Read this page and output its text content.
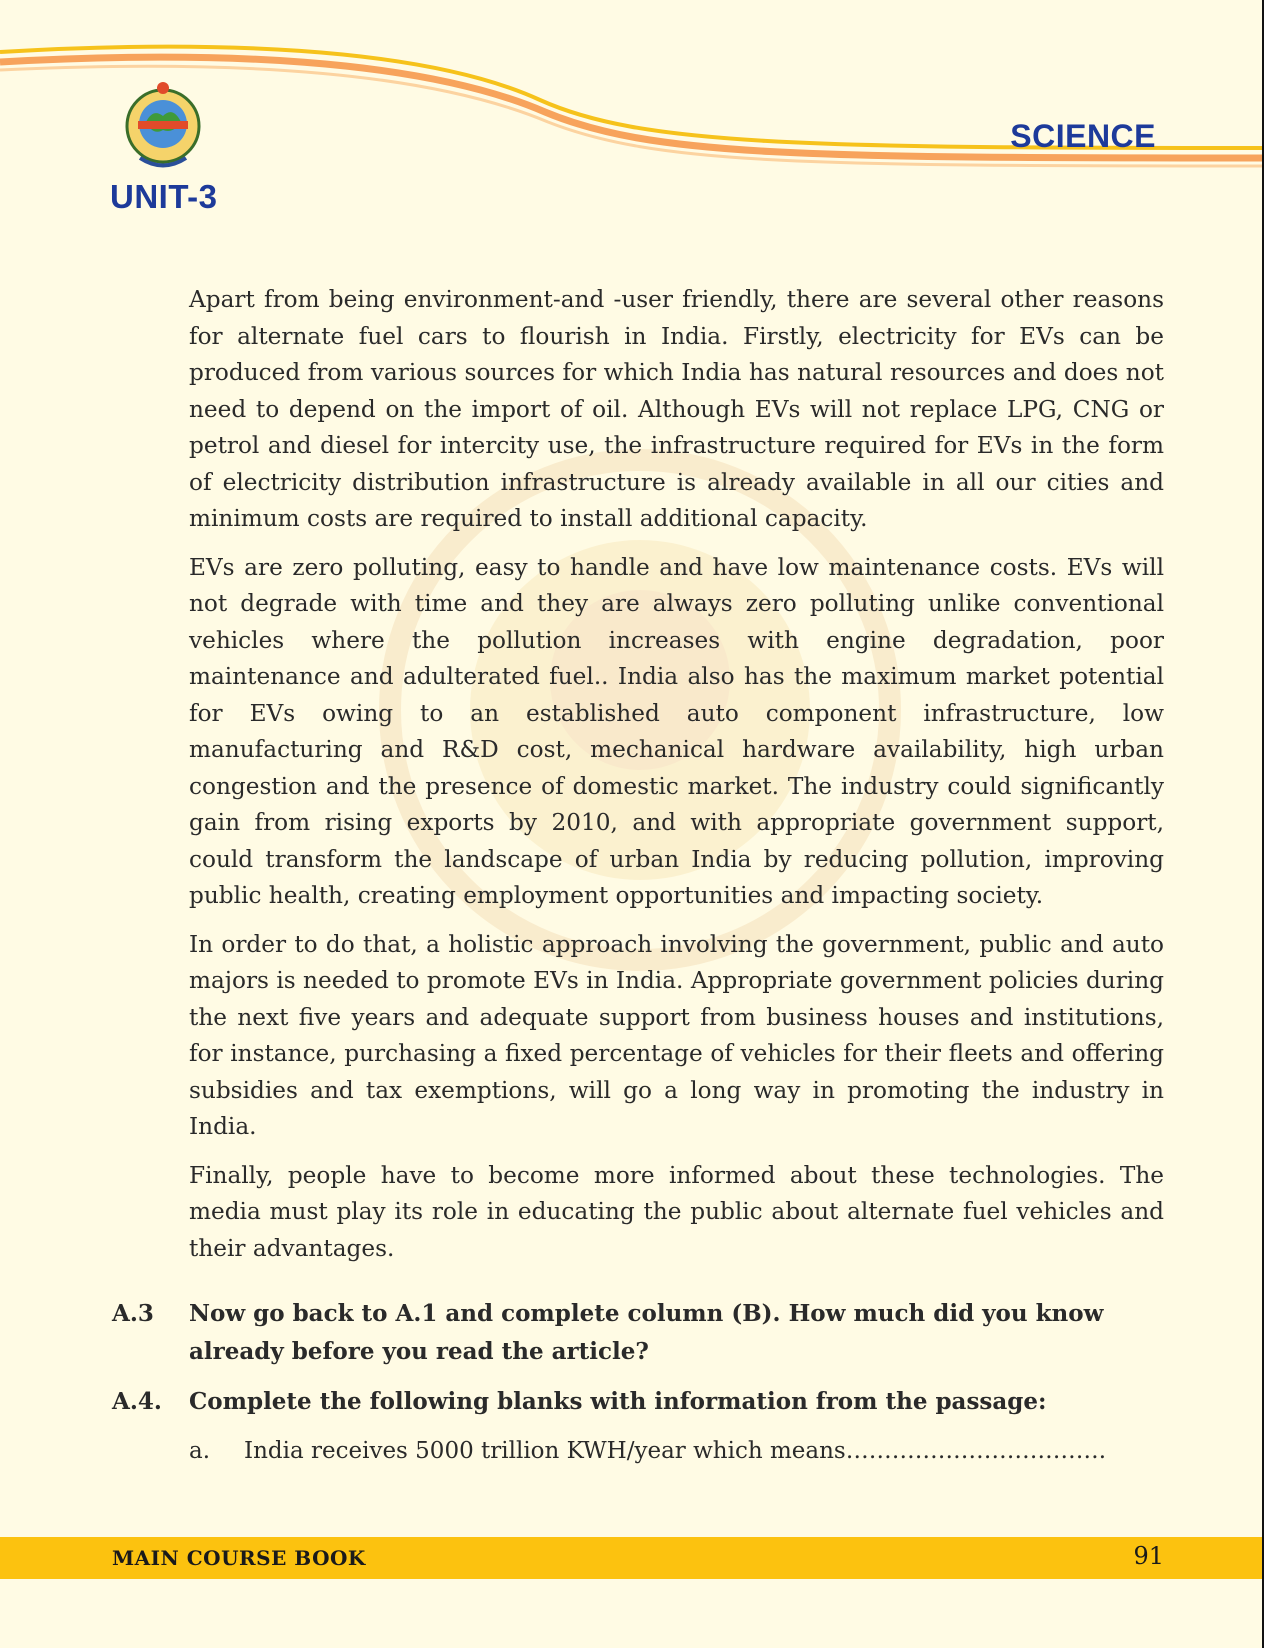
UNIT-3
SCIENCE

Apart from being environment-and -user friendly, there are several other reasons for alternate fuel cars to flourish in India. Firstly, electricity for EVs can be produced from various sources for which India has natural resources and does not need to depend on the import of oil. Although EVs will not replace LPG, CNG or petrol and diesel for intercity use, the infrastructure required for EVs in the form of electricity distribution infrastructure is already available in all our cities and minimum costs are required to install additional capacity.

EVs are zero polluting, easy to handle and have low maintenance costs. EVs will not degrade with time and they are always zero polluting unlike conventional vehicles where the pollution increases with engine degradation, poor maintenance and adulterated fuel.. India also has the maximum market potential for EVs owing to an established auto component infrastructure, low manufacturing and R&D cost, mechanical hardware availability, high urban congestion and the presence of domestic market. The industry could significantly gain from rising exports by 2010, and with appropriate government support, could transform the landscape of urban India by reducing pollution, improving public health, creating employment opportunities and impacting society.

In order to do that, a holistic approach involving the government, public and auto majors is needed to promote EVs in India. Appropriate government policies during the next five years and adequate support from business houses and institutions, for instance, purchasing a fixed percentage of vehicles for their fleets and offering subsidies and tax exemptions, will go a long way in promoting the industry in India.

Finally, people have to become more informed about these technologies. The media must play its role in educating the public about alternate fuel vehicles and their advantages.

A.3 Now go back to A.1 and complete column (B). How much did you know already before you read the article?
A.4. Complete the following blanks with information from the passage:
a. India receives 5000 trillion KWH/year which means…………………………….
MAIN COURSE BOOK	91
